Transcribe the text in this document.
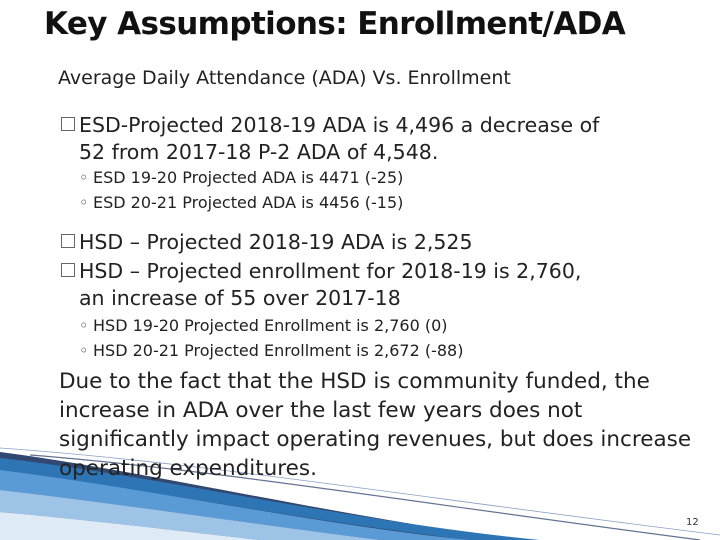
Key Assumptions: Enrollment/ADA
Average Daily Attendance (ADA) Vs. Enrollment
ESD-Projected 2018-19 ADA is 4,496 a decrease of
52 from 2017-18 P-2 ADA of 4,548.
◦ ESD 19-20 Projected ADA is 4471 (-25)
◦ ESD 20-21 Projected ADA is 4456 (-15)
HSD – Projected 2018-19 ADA is 2,525
HSD – Projected enrollment for 2018-19 is 2,760,
an increase of 55 over 2017-18
◦ HSD 19-20 Projected Enrollment is 2,760 (0)
◦ HSD 20-21 Projected Enrollment is 2,672 (-88)
Due to the fact that the HSD is community funded, the increase in ADA over the last few years does not significantly impact operating revenues, but does increase operating expenditures.
12
